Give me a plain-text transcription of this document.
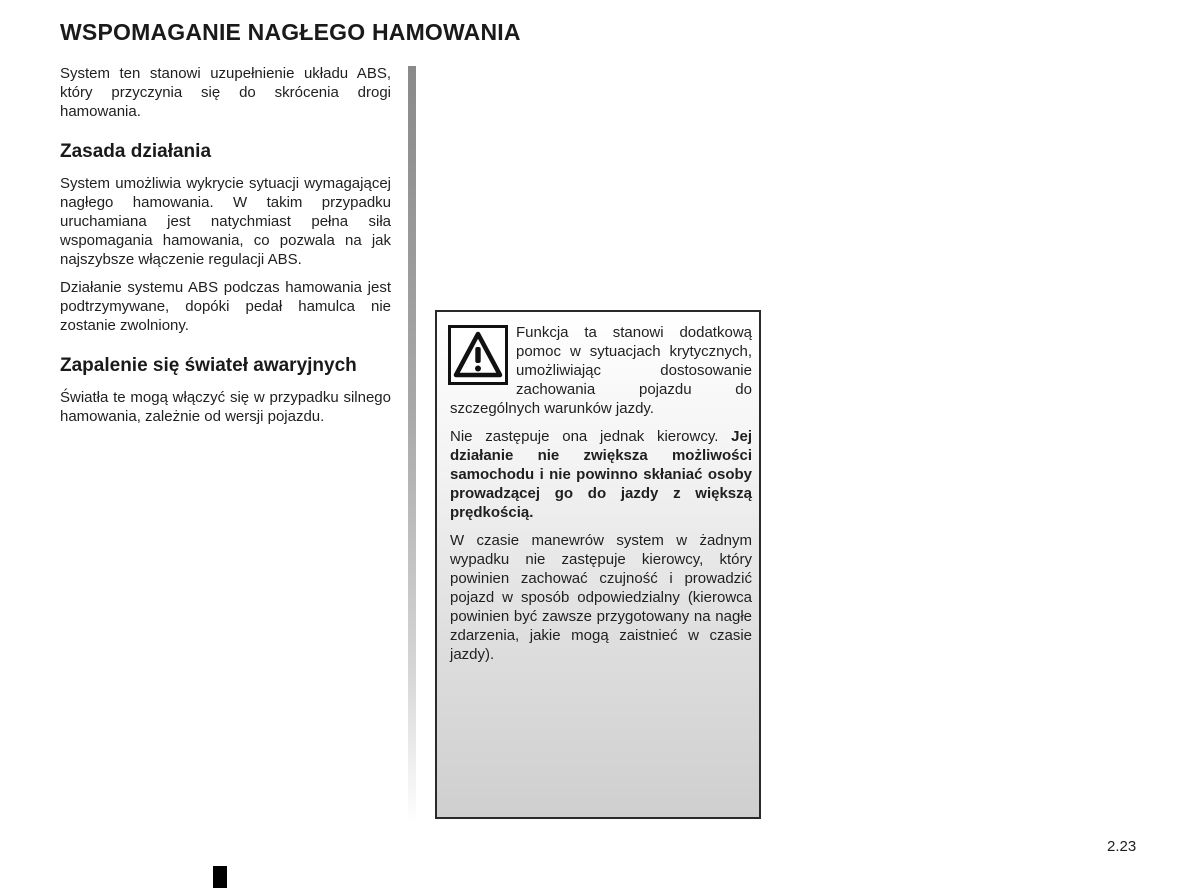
WSPOMAGANIE NAGŁEGO HAMOWANIA

System ten stanowi uzupełnienie układu ABS, który przyczynia się do skrócenia drogi hamowania.

Zasada działania

System umożliwia wykrycie sytuacji wymagającej nagłego hamowania. W takim przypadku uruchamiana jest natychmiast pełna siła wspomagania hamowania, co pozwala na jak najszybsze włączenie regulacji ABS.

Działanie systemu ABS podczas hamowania jest podtrzymywane, dopóki pedał hamulca nie zostanie zwolniony.

Zapalenie się świateł awaryjnych

Światła te mogą włączyć się w przypadku silnego hamowania, zależnie od wersji pojazdu.

Funkcja ta stanowi dodatkową pomoc w sytuacjach krytycznych, umożliwiając dostosowanie zachowania pojazdu do szczególnych warunków jazdy.

Nie zastępuje ona jednak kierowcy. Jej działanie nie zwiększa możliwości samochodu i nie powinno skłaniać osoby prowadzącej go do jazdy z większą prędkością.

W czasie manewrów system w żadnym wypadku nie zastępuje kierowcy, który powinien zachować czujność i prowadzić pojazd w sposób odpowiedzialny (kierowca powinien być zawsze przygotowany na nagłe zdarzenia, jakie mogą zaistnieć w czasie jazdy).

2.23
